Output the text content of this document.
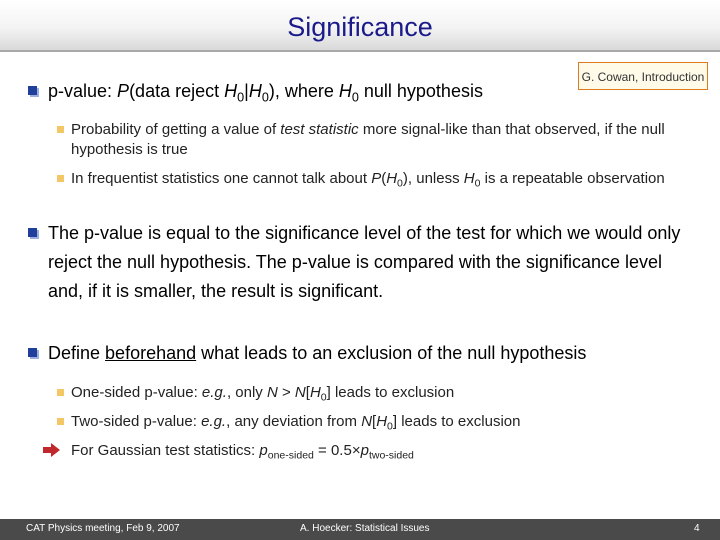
Significance
G. Cowan, Introduction
p-value: P(data reject $H_0|H_0$), where $H_0$ null hypothesis
Probability of getting a value of test statistic more signal-like than that observed, if the null hypothesis is true
In frequentist statistics one cannot talk about $P(H_0)$, unless $H_0$ is a repeatable observation
The p-value is equal to the significance level of the test for which we would only reject the null hypothesis. The p-value is compared with the significance level and, if it is smaller, the result is significant.
Define beforehand what leads to an exclusion of the null hypothesis
One-sided p-value: e.g., only $N > N[H_0]$ leads to exclusion
Two-sided p-value: e.g., any deviation from $N[H_0]$ leads to exclusion
For Gaussian test statistics: $p_{one-sided} = 0.5\times p_{two-sided}$
CAT Physics meeting, Feb 9, 2007	A. Hoecker: Statistical Issues	4
